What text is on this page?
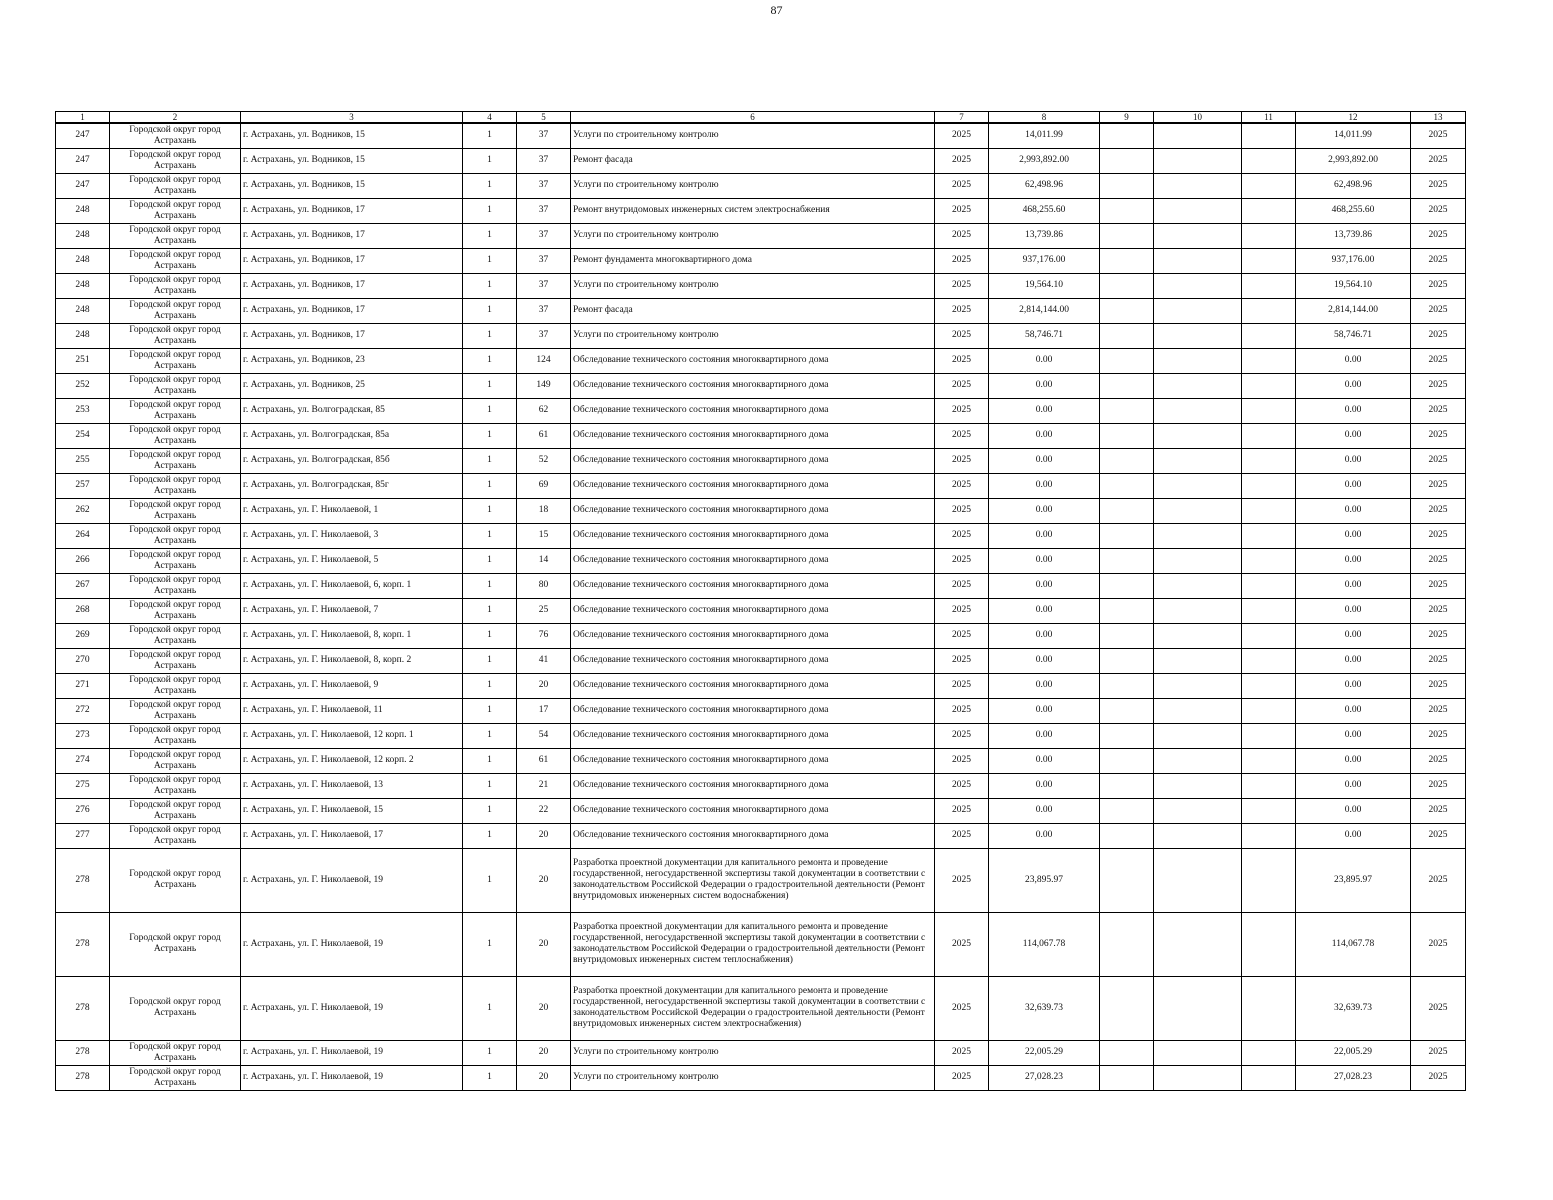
87
1	2	3	4	5	6	7	8	9	10	11	12	13
247	Городской округ город Астрахань	г. Астрахань, ул. Водников, 15	1	37	Услуги по строительному контролю	2025	14,011.99				14,011.99	2025
247	Городской округ город Астрахань	г. Астрахань, ул. Водников, 15	1	37	Ремонт фасада	2025	2,993,892.00				2,993,892.00	2025
247	Городской округ город Астрахань	г. Астрахань, ул. Водников, 15	1	37	Услуги по строительному контролю	2025	62,498.96				62,498.96	2025
248	Городской округ город Астрахань	г. Астрахань, ул. Водников, 17	1	37	Ремонт внутридомовых инженерных систем электроснабжения	2025	468,255.60				468,255.60	2025
248	Городской округ город Астрахань	г. Астрахань, ул. Водников, 17	1	37	Услуги по строительному контролю	2025	13,739.86				13,739.86	2025
248	Городской округ город Астрахань	г. Астрахань, ул. Водников, 17	1	37	Ремонт фундамента многоквартирного дома	2025	937,176.00				937,176.00	2025
248	Городской округ город Астрахань	г. Астрахань, ул. Водников, 17	1	37	Услуги по строительному контролю	2025	19,564.10				19,564.10	2025
248	Городской округ город Астрахань	г. Астрахань, ул. Водников, 17	1	37	Ремонт фасада	2025	2,814,144.00				2,814,144.00	2025
248	Городской округ город Астрахань	г. Астрахань, ул. Водников, 17	1	37	Услуги по строительному контролю	2025	58,746.71				58,746.71	2025
251	Городской округ город Астрахань	г. Астрахань, ул. Водников, 23	1	124	Обследование технического состояния многоквартирного дома	2025	0.00				0.00	2025
252	Городской округ город Астрахань	г. Астрахань, ул. Водников, 25	1	149	Обследование технического состояния многоквартирного дома	2025	0.00				0.00	2025
253	Городской округ город Астрахань	г. Астрахань, ул. Волгоградская, 85	1	62	Обследование технического состояния многоквартирного дома	2025	0.00				0.00	2025
254	Городской округ город Астрахань	г. Астрахань, ул. Волгоградская, 85а	1	61	Обследование технического состояния многоквартирного дома	2025	0.00				0.00	2025
255	Городской округ город Астрахань	г. Астрахань, ул. Волгоградская, 85б	1	52	Обследование технического состояния многоквартирного дома	2025	0.00				0.00	2025
257	Городской округ город Астрахань	г. Астрахань, ул. Волгоградская, 85г	1	69	Обследование технического состояния многоквартирного дома	2025	0.00				0.00	2025
262	Городской округ город Астрахань	г. Астрахань, ул. Г. Николаевой, 1	1	18	Обследование технического состояния многоквартирного дома	2025	0.00				0.00	2025
264	Городской округ город Астрахань	г. Астрахань, ул. Г. Николаевой, 3	1	15	Обследование технического состояния многоквартирного дома	2025	0.00				0.00	2025
266	Городской округ город Астрахань	г. Астрахань, ул. Г. Николаевой, 5	1	14	Обследование технического состояния многоквартирного дома	2025	0.00				0.00	2025
267	Городской округ город Астрахань	г. Астрахань, ул. Г. Николаевой, 6, корп. 1	1	80	Обследование технического состояния многоквартирного дома	2025	0.00				0.00	2025
268	Городской округ город Астрахань	г. Астрахань, ул. Г. Николаевой, 7	1	25	Обследование технического состояния многоквартирного дома	2025	0.00				0.00	2025
269	Городской округ город Астрахань	г. Астрахань, ул. Г. Николаевой, 8, корп. 1	1	76	Обследование технического состояния многоквартирного дома	2025	0.00				0.00	2025
270	Городской округ город Астрахань	г. Астрахань, ул. Г. Николаевой, 8, корп. 2	1	41	Обследование технического состояния многоквартирного дома	2025	0.00				0.00	2025
271	Городской округ город Астрахань	г. Астрахань, ул. Г. Николаевой, 9	1	20	Обследование технического состояния многоквартирного дома	2025	0.00				0.00	2025
272	Городской округ город Астрахань	г. Астрахань, ул. Г. Николаевой, 11	1	17	Обследование технического состояния многоквартирного дома	2025	0.00				0.00	2025
273	Городской округ город Астрахань	г. Астрахань, ул. Г. Николаевой, 12 корп. 1	1	54	Обследование технического состояния многоквартирного дома	2025	0.00				0.00	2025
274	Городской округ город Астрахань	г. Астрахань, ул. Г. Николаевой, 12 корп. 2	1	61	Обследование технического состояния многоквартирного дома	2025	0.00				0.00	2025
275	Городской округ город Астрахань	г. Астрахань, ул. Г. Николаевой, 13	1	21	Обследование технического состояния многоквартирного дома	2025	0.00				0.00	2025
276	Городской округ город Астрахань	г. Астрахань, ул. Г. Николаевой, 15	1	22	Обследование технического состояния многоквартирного дома	2025	0.00				0.00	2025
277	Городской округ город Астрахань	г. Астрахань, ул. Г. Николаевой, 17	1	20	Обследование технического состояния многоквартирного дома	2025	0.00				0.00	2025
278	Городской округ город Астрахань	г. Астрахань, ул. Г. Николаевой, 19	1	20	Разработка проектной документации для капитального ремонта и проведение государственной, негосударственной экспертизы такой документации в соответствии с законодательством Российской Федерации о градостроительной деятельности (Ремонт внутридомовых инженерных систем водоснабжения)	2025	23,895.97				23,895.97	2025
278	Городской округ город Астрахань	г. Астрахань, ул. Г. Николаевой, 19	1	20	Разработка проектной документации для капитального ремонта и проведение государственной, негосударственной экспертизы такой документации в соответствии с законодательством Российской Федерации о градостроительной деятельности (Ремонт внутридомовых инженерных систем теплоснабжения)	2025	114,067.78				114,067.78	2025
278	Городской округ город Астрахань	г. Астрахань, ул. Г. Николаевой, 19	1	20	Разработка проектной документации для капитального ремонта и проведение государственной, негосударственной экспертизы такой документации в соответствии с законодательством Российской Федерации о градостроительной деятельности (Ремонт внутридомовых инженерных систем электроснабжения)	2025	32,639.73				32,639.73	2025
278	Городской округ город Астрахань	г. Астрахань, ул. Г. Николаевой, 19	1	20	Услуги по строительному контролю	2025	22,005.29				22,005.29	2025
278	Городской округ город Астрахань	г. Астрахань, ул. Г. Николаевой, 19	1	20	Услуги по строительному контролю	2025	27,028.23				27,028.23	2025
